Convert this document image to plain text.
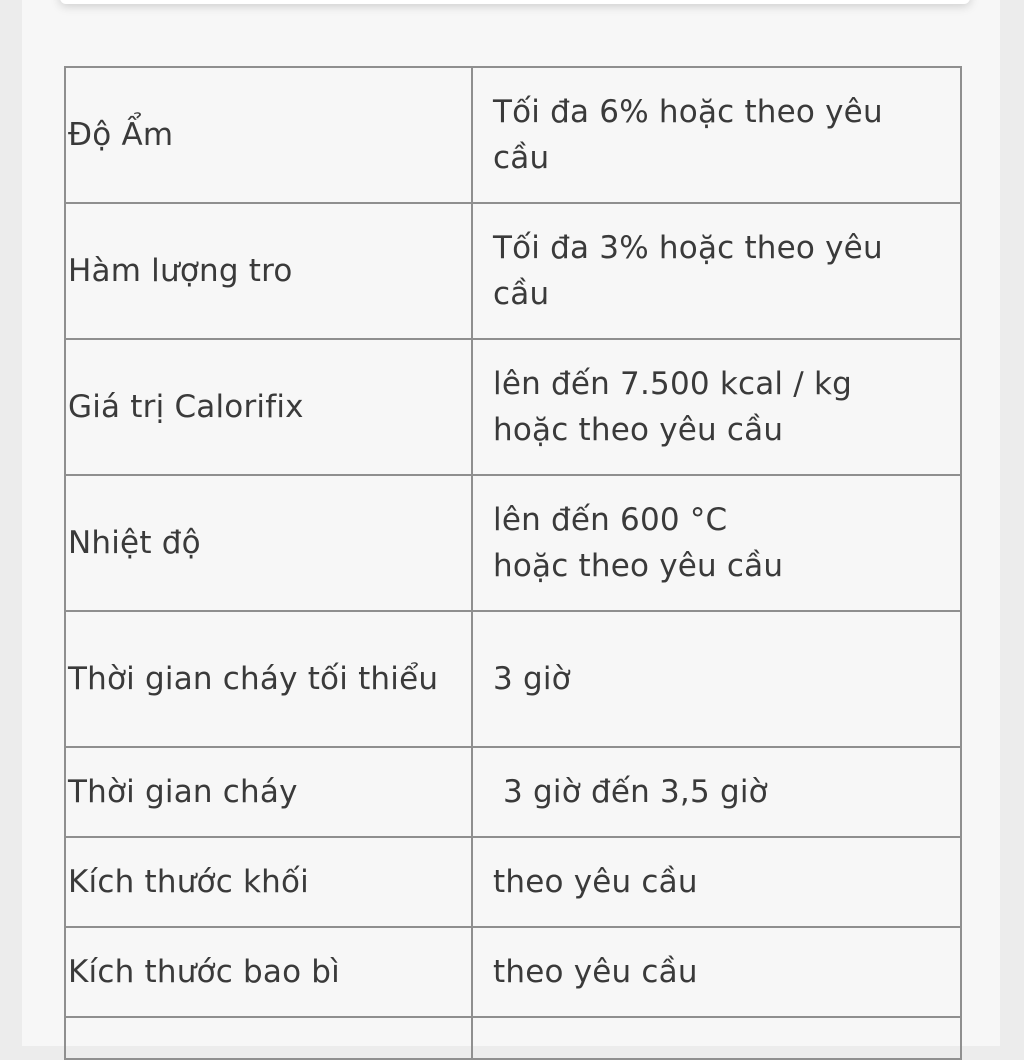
Độ Ẩm	Tối đa 6% hoặc theo yêu cầu
Hàm lượng tro	Tối đa 3% hoặc theo yêu cầu
Giá trị Calorifix	lên đến 7.500 kcal / kg
hoặc theo yêu cầu

Nhiệt độ	lên đến 600 °C
hoặc theo yêu cầu

Thời gian cháy tối thiểu	3 giờ
Thời gian cháy	3 giờ đến 3,5 giờ
Kích thước khối	theo yêu cầu
Kích thước bao bì	theo yêu cầu
